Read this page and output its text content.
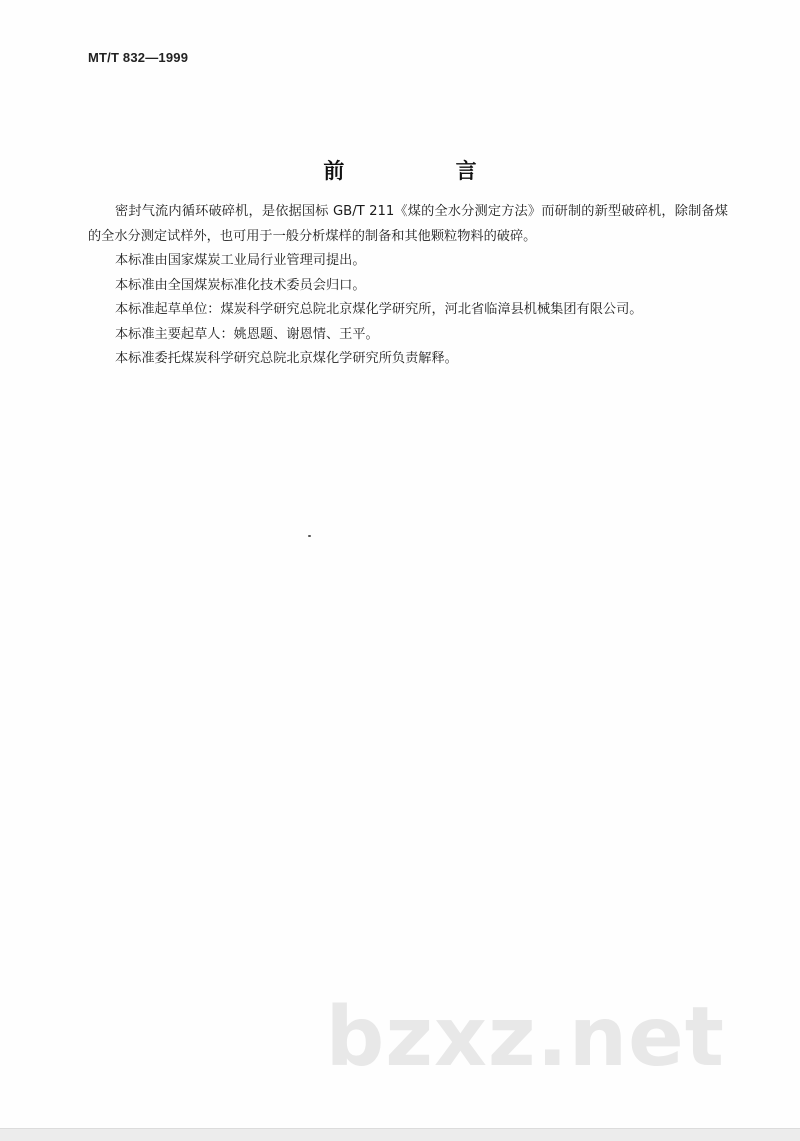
MT/T 832—1999
前 言

密封气流内循环破碎机，是依据国标 GB/T 211《煤的全水分测定方法》而研制的新型破碎机，除制备煤的全水分测定试样外，也可用于一般分析煤样的制备和其他颗粒物料的破碎。

本标准由国家煤炭工业局行业管理司提出。

本标准由全国煤炭标准化技术委员会归口。

本标准起草单位：煤炭科学研究总院北京煤化学研究所，河北省临漳县机械集团有限公司。

本标准主要起草人：姚恩题、谢恩情、王平。

本标准委托煤炭科学研究总院北京煤化学研究所负责解释。

bzxz.net
